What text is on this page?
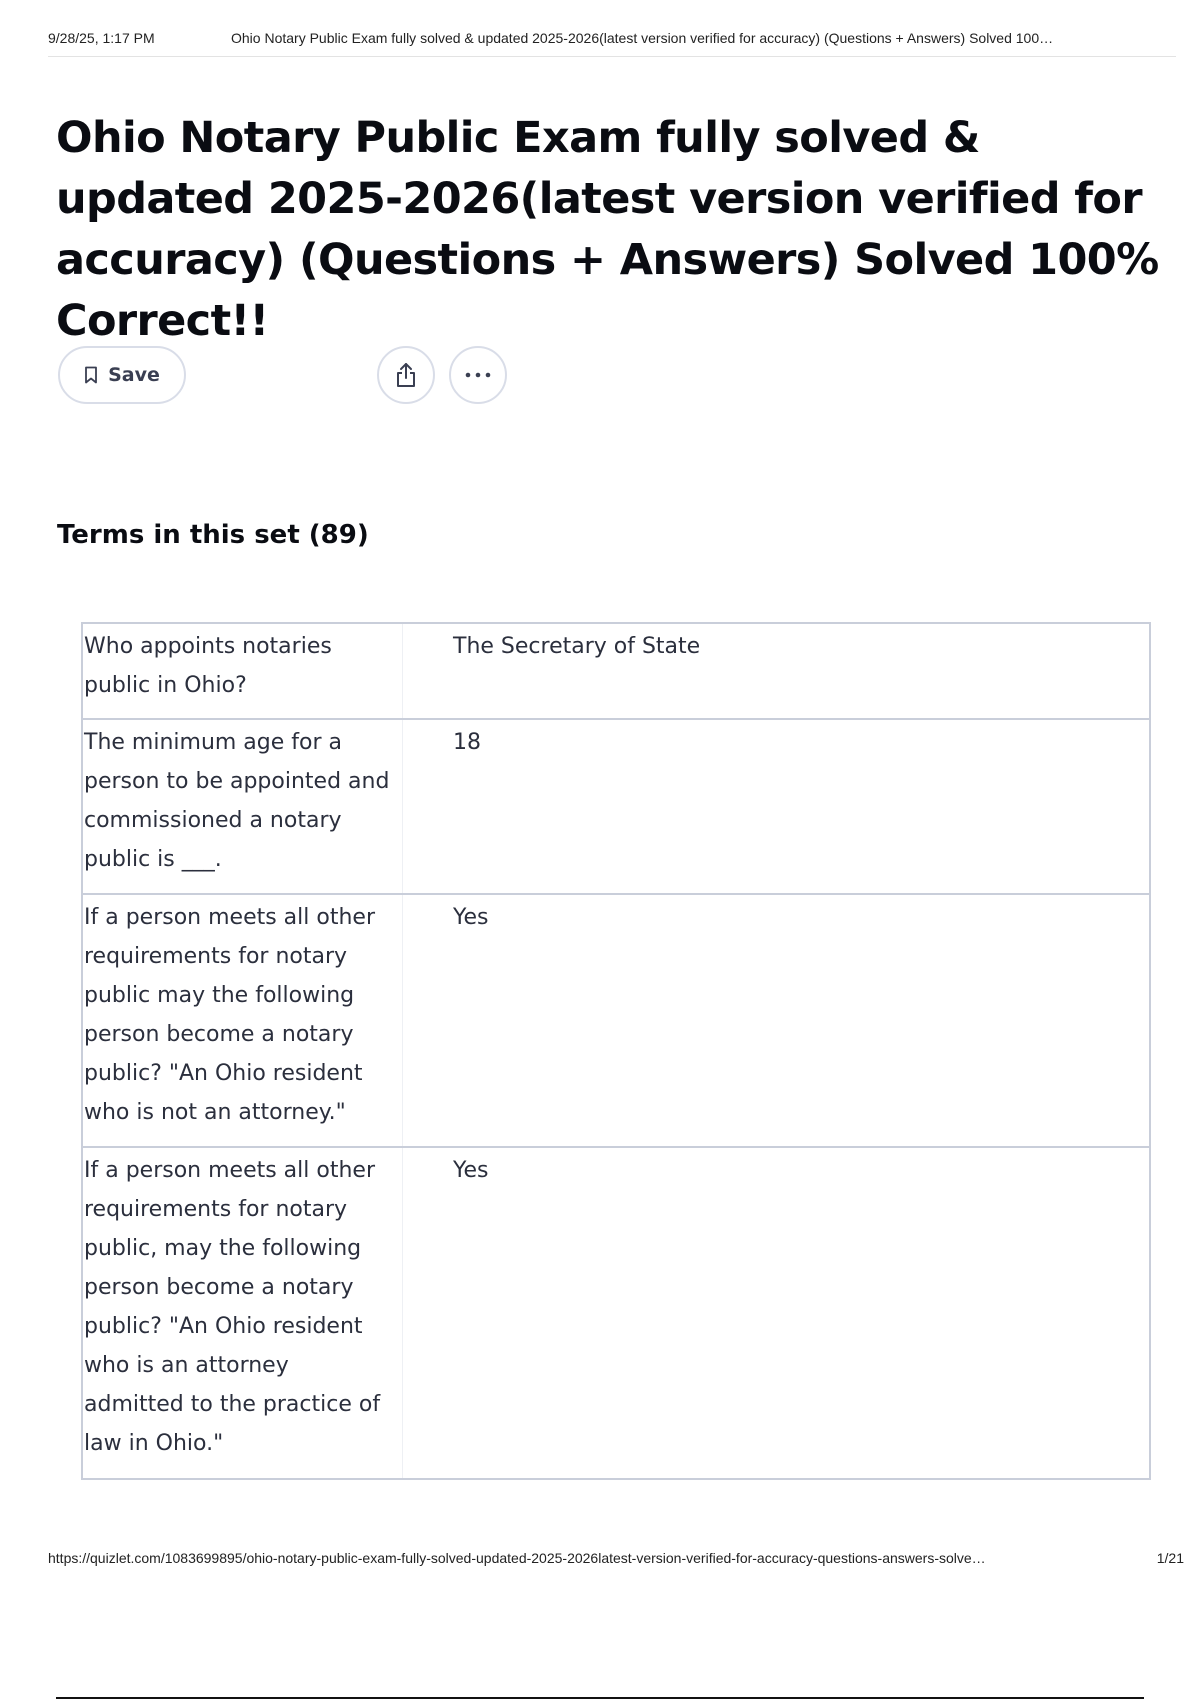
9/28/25, 1:17 PM	Ohio Notary Public Exam fully solved & updated 2025-2026(latest version verified for accuracy) (Questions + Answers) Solved 100…
Ohio Notary Public Exam fully solved & updated 2025-2026(latest version verified for accuracy) (Questions + Answers) Solved 100% Correct!!
Save
Terms in this set (89)
Who appoints notaries public in Ohio?
The Secretary of State
The minimum age for a person to be appointed and commissioned a notary public is ___.
18
If a person meets all other requirements for notary public may the following person become a notary public? "An Ohio resident who is not an attorney."
Yes
If a person meets all other requirements for notary public, may the following person become a notary public? "An Ohio resident who is an attorney admitted to the practice of law in Ohio."
Yes
https://quizlet.com/1083699895/ohio-notary-public-exam-fully-solved-updated-2025-2026latest-version-verified-for-accuracy-questions-answers-solve…	1/21
